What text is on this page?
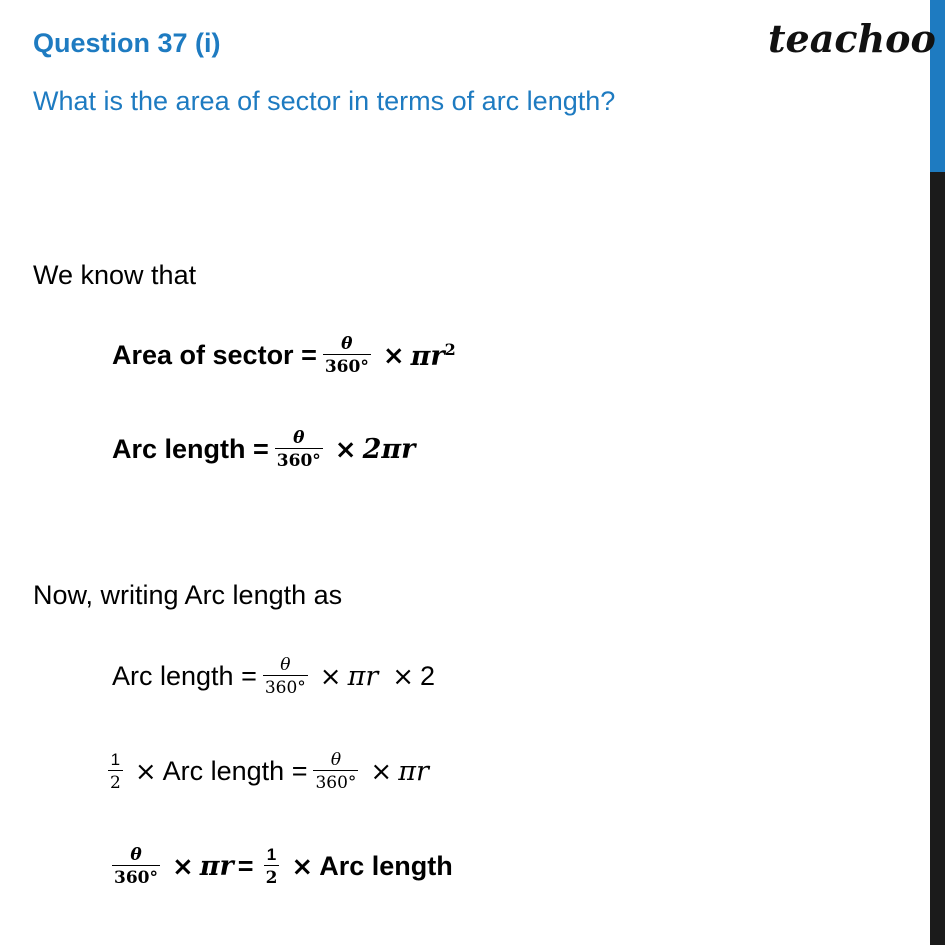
Question 37 (i)
What is the area of sector in terms of arc length?
teachoo
We know that
Area of sector = $\frac{\theta}{360^\circ} \times \pi r^2$
Arc length = $\frac{\theta}{360^\circ} \times 2\pi r$
Now, writing Arc length as
Arc length = $\frac{\theta}{360^\circ} \times \pi r \times 2$
$\frac{1}{2}$ × Arc length = $\frac{\theta}{360^\circ} \times \pi r$
$\frac{\theta}{360^\circ} \times \pi r = \frac{1}{2}$ × Arc length
